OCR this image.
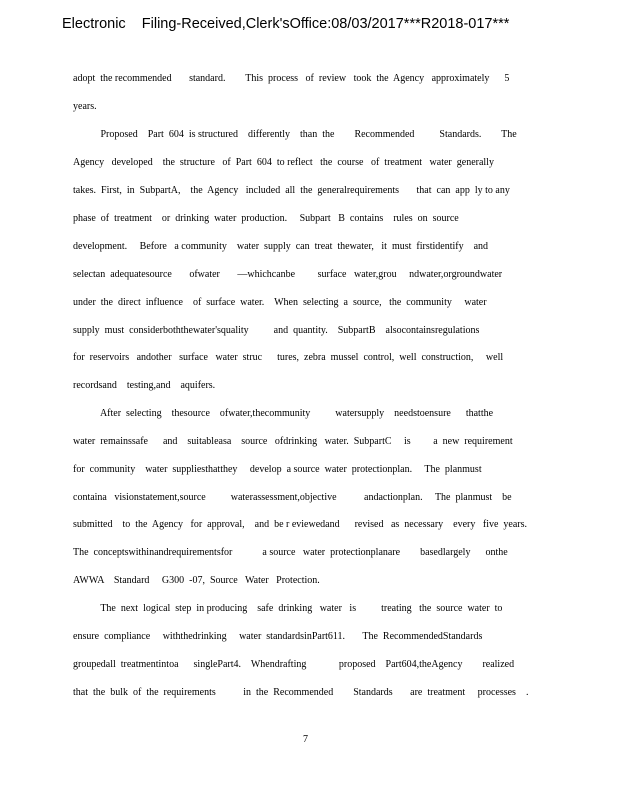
Electronic    Filing-Received,Clerk'sOffice:08/03/2017***R2018-017***
adopt  the recommended       standard.        This  process   of  review   took  the  Agency   approximately      5
years.
Proposed    Part  604  is structured    differently    than  the        Recommended          Standards.        The
Agency   developed    the  structure   of  Part  604  to reflect   the  course   of  treatment   water  generally
takes.  First,  in  SubpartA,    the  Agency   included  all  the  generalrequirements       that  can  app  ly to any
phase  of  treatment    or  drinking  water  production.     Subpart   B  contains    rules  on  source
development.     Before   a community    water  supply  can  treat  thewater,   it  must  firstidentify    and
selectan  adequatesource       ofwater       —whichcanbe         surface   water,grou     ndwater,orgroundwater
under  the  direct  influence    of  surface  water.    When  selecting  a  source,   the  community     water
supply  must  considerboththewater'squality          and  quantity.    SubpartB    alsocontainsregulations
for  reservoirs   andother   surface   water  struc      tures,  zebra  mussel  control,  well  construction,     well
recordsand    testing,and    aquifers.
After  selecting    thesource    ofwater,thecommunity          watersupply    needstoensure      thatthe
water  remainssafe      and    suitableasa    source   ofdrinking   water.  SubpartC     is         a  new  requirement
for  community    water  suppliesthatthey     develop  a source  water  protectionplan.     The  planmust
containa   visionstatement,source          waterassessment,objective           andactionplan.     The  planmust    be
submitted    to  the  Agency   for  approval,    and  be r eviewedand      revised   as  necessary    every   five  years.
The  conceptswithinandrequirementsfor            a source   water  protectionplanare        basedlargely      onthe
AWWA    Standard     G300  -07,  Source   Water   Protection.
The  next  logical  step  in producing    safe  drinking   water   is          treating   the  source  water  to
ensure  compliance     withthedrinking     water  standardsinPart611.       The  RecommendedStandards
groupedall  treatmentintoa      singlePart4.    Whendrafting             proposed    Part604,theAgency        realized
that  the  bulk  of  the  requirements           in  the  Recommended        Standards       are  treatment     processes    .
7
